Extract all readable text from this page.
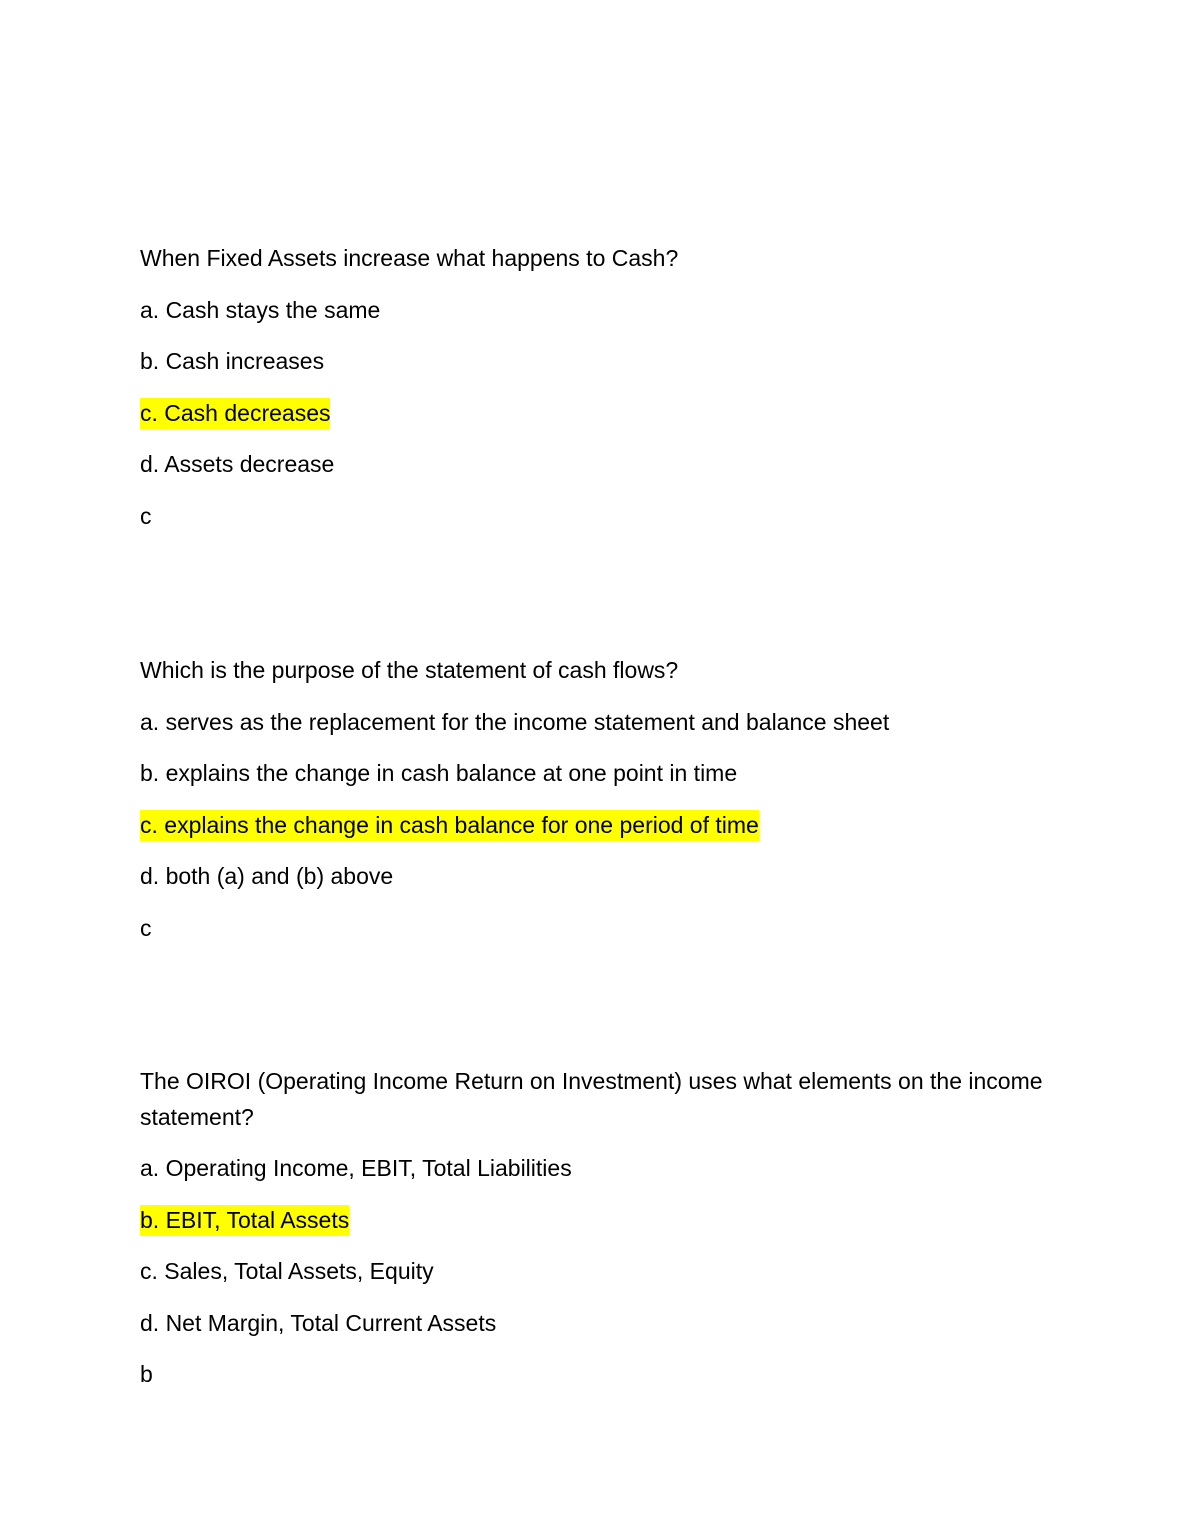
When Fixed Assets increase what happens to Cash?
a. Cash stays the same
b. Cash increases
c. Cash decreases
d. Assets decrease
c
Which is the purpose of the statement of cash flows?
a. serves as the replacement for the income statement and balance sheet
b. explains the change in cash balance at one point in time
c. explains the change in cash balance for one period of time
d. both (a) and (b) above
c
The OIROI (Operating Income Return on Investment) uses what elements on the income statement?
a. Operating Income, EBIT, Total Liabilities
b. EBIT, Total Assets
c. Sales, Total Assets, Equity
d. Net Margin, Total Current Assets
b
